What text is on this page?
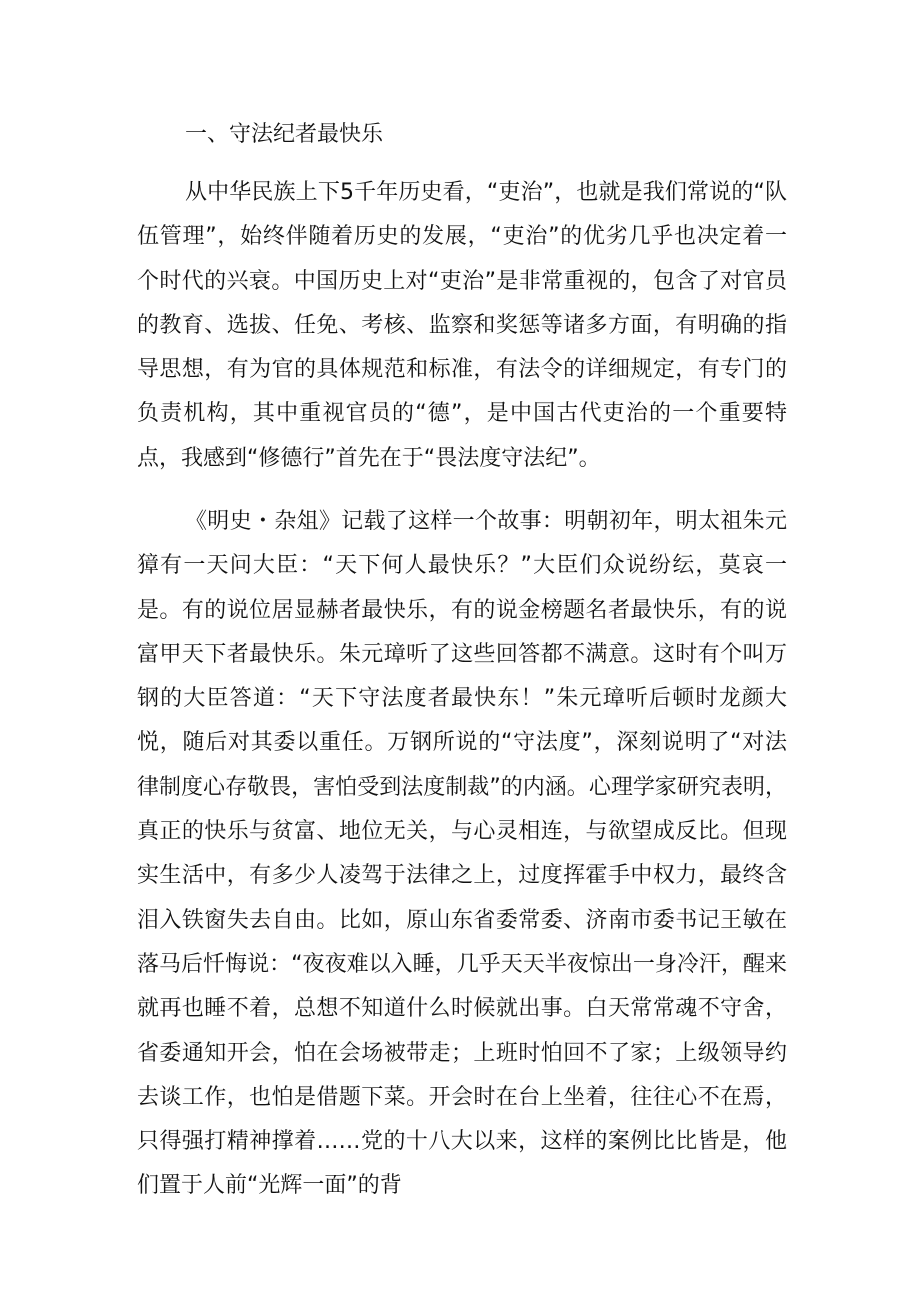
一、守法纪者最快乐

从中华民族上下5千年历史看，“吏治”，也就是我们常说的“队伍管理”，始终伴随着历史的发展，“吏治”的优劣几乎也决定着一个时代的兴衰。中国历史上对“吏治”是非常重视的，包含了对官员的教育、选拔、任免、考核、监察和奖惩等诸多方面，有明确的指导思想，有为官的具体规范和标准，有法令的详细规定，有专门的负责机构，其中重视官员的“德”，是中国古代吏治的一个重要特点，我感到“修德行”首先在于“畏法度守法纪”。

《明史・杂俎》记载了这样一个故事：明朝初年，明太祖朱元獐有一天问大臣：“天下何人最快乐？”大臣们众说纷纭，莫哀一是。有的说位居显赫者最快乐，有的说金榜题名者最快乐，有的说富甲天下者最快乐。朱元璋听了这些回答都不满意。这时有个叫万钢的大臣答道：“天下守法度者最快东！”朱元璋听后顿时龙颜大悦，随后对其委以重任。万钢所说的“守法度”，深刻说明了“对法律制度心存敬畏，害怕受到法度制裁”的内涵。心理学家研究表明，真正的快乐与贫富、地位无关，与心灵相连，与欲望成反比。但现实生活中，有多少人凌驾于法律之上，过度挥霍手中权力，最终含泪入铁窗失去自由。比如，原山东省委常委、济南市委书记王敏在落马后忏悔说：“夜夜难以入睡，几乎天天半夜惊出一身冷汗，醒来就再也睡不着，总想不知道什么时候就出事。白天常常魂不守舍，省委通知开会，怕在会场被带走；上班时怕回不了家；上级领导约去谈工作，也怕是借题下菜。开会时在台上坐着，往往心不在焉，只得强打精神撑着……党的十八大以来，这样的案例比比皆是，他们置于人前“光辉一面”的背
